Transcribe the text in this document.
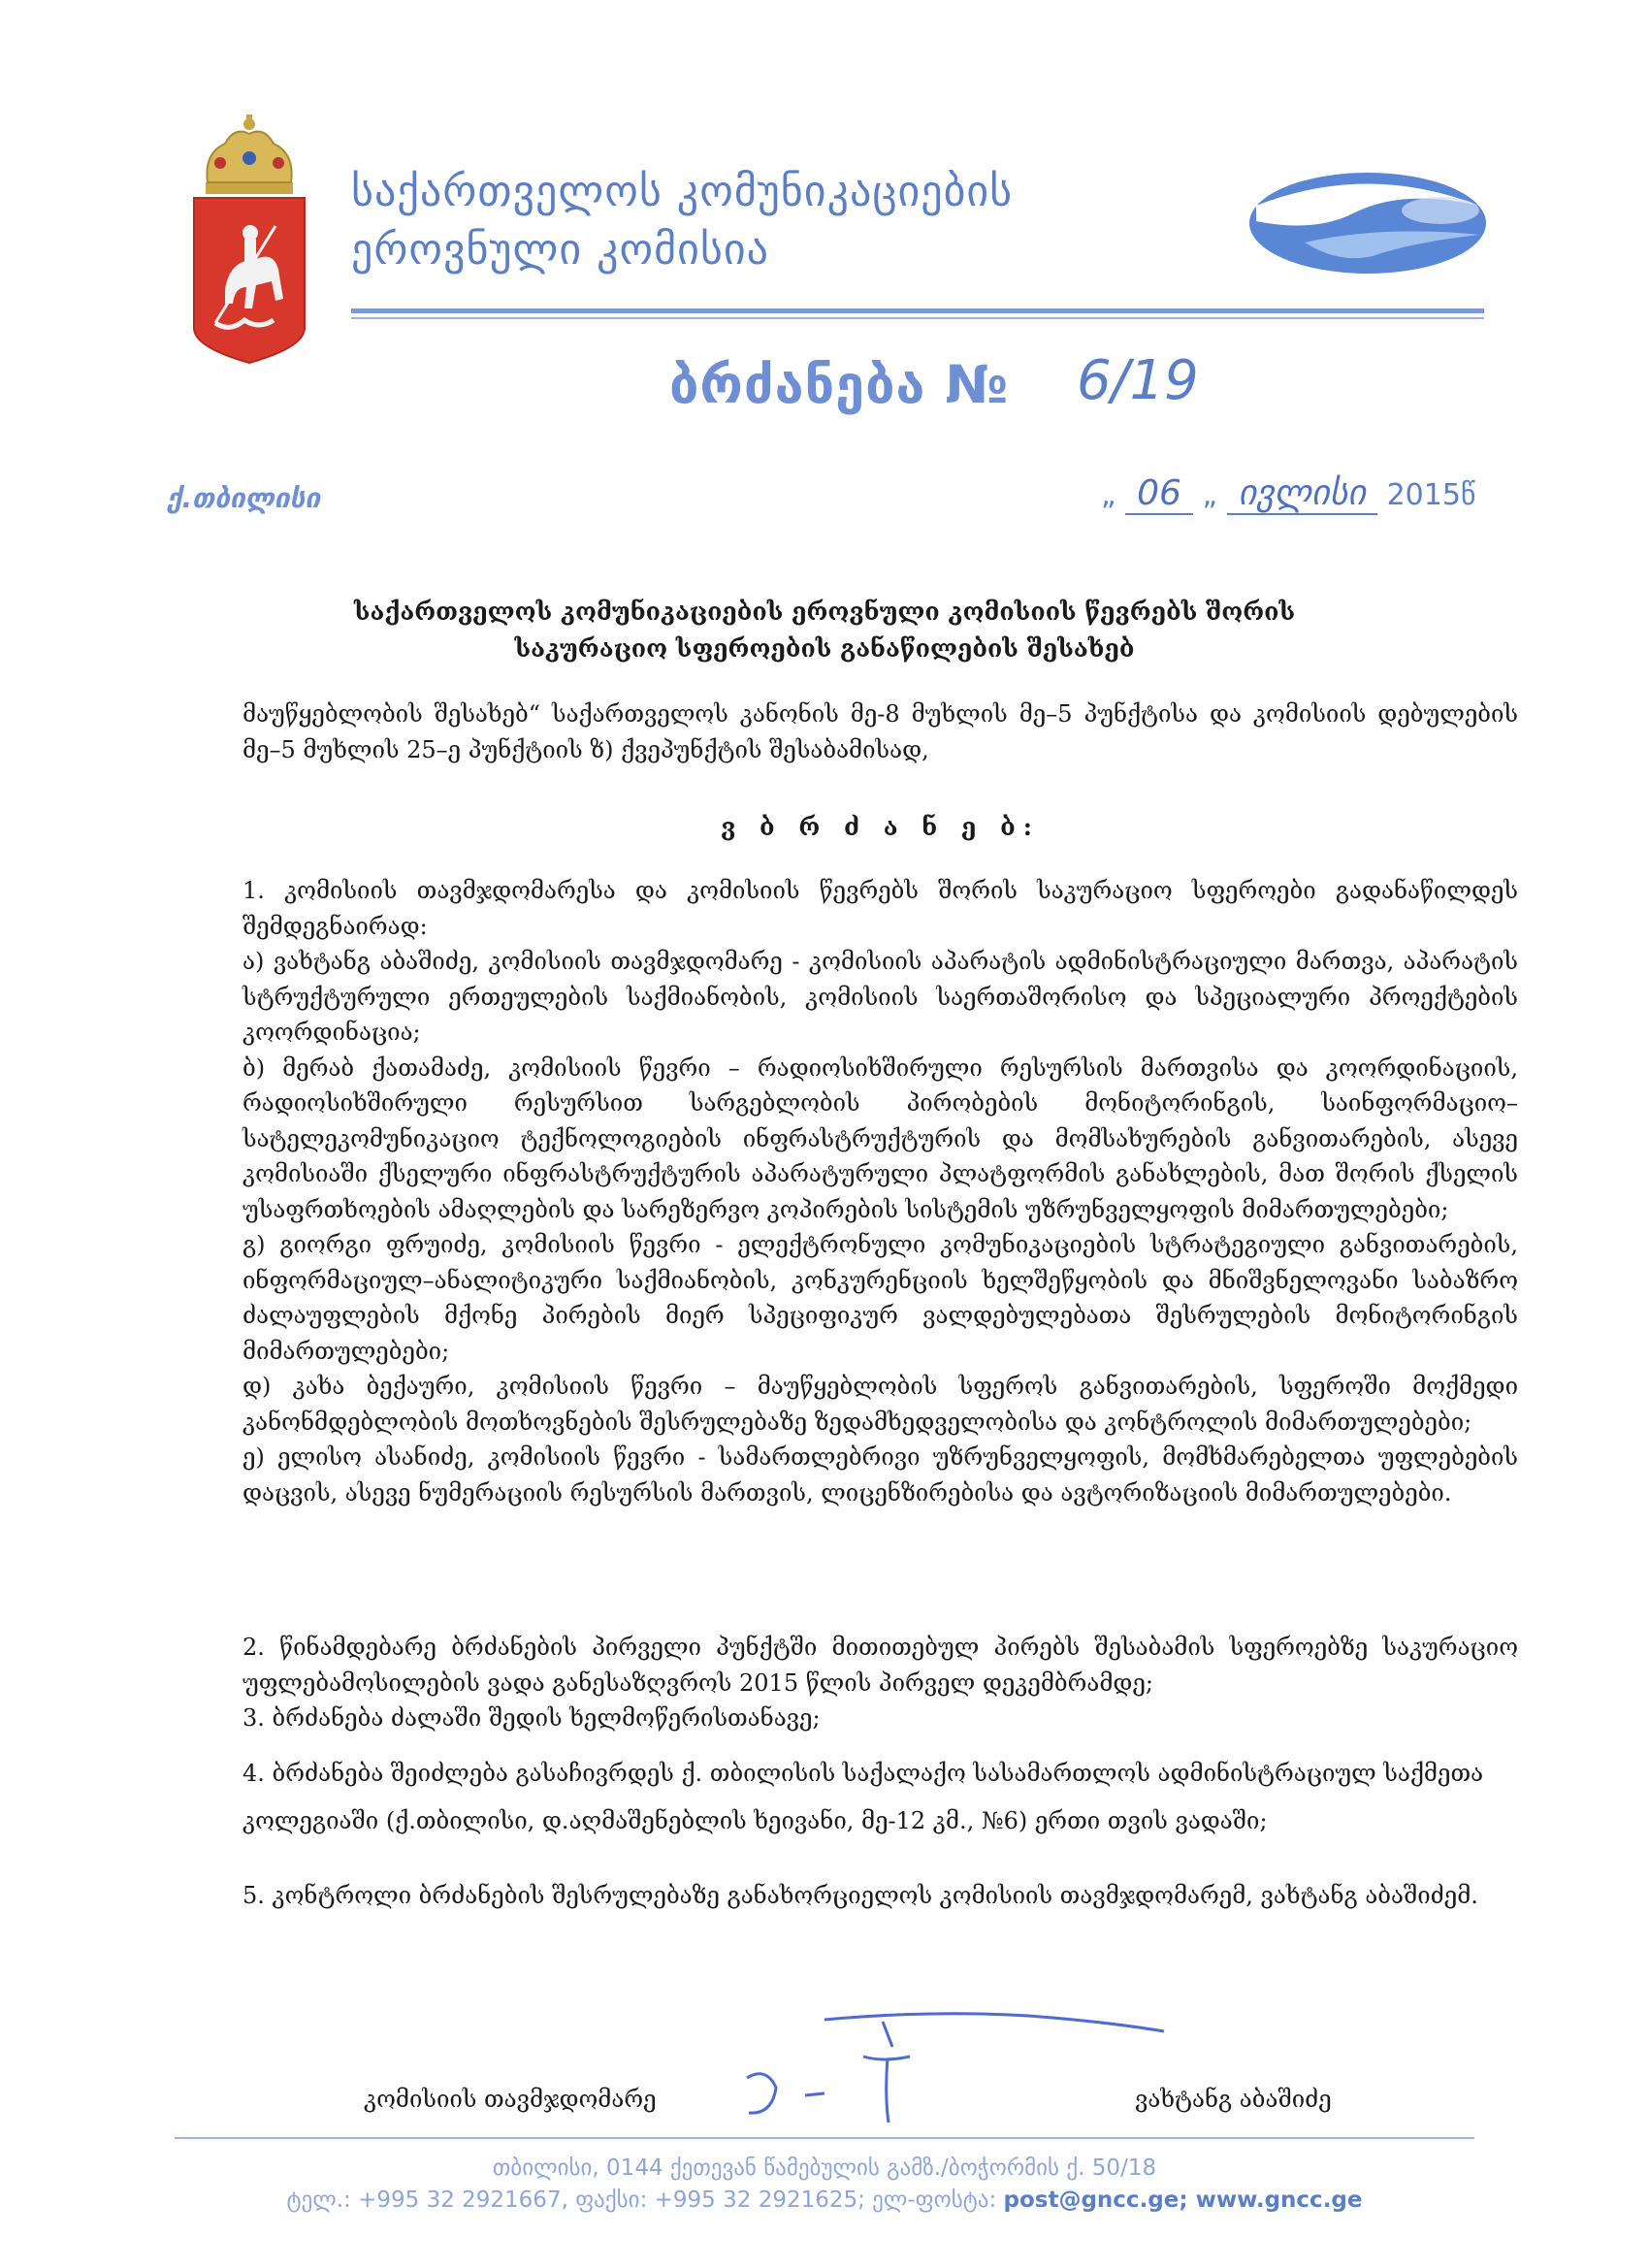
საქართველოს კომუნიკაციების
ეროვნული კომისია
ბრძანება № 6/19
ქ.თბილისი	„ 06 „ ივლისი 2015წ
საქართველოს კომუნიკაციების ეროვნული კომისიის წევრებს შორის
საკურაციო სფეროების განაწილების შესახებ
მაუწყებლობის შესახებ“ საქართველოს კანონის მე-8 მუხლის მე–5 პუნქტისა და კომისიის დებულების მე–5 მუხლის 25–ე პუნქტიის ზ) ქვეპუნქტის შესაბამისად,
ვ ბ რ ძ ა ნ ე ბ:
1. კომისიის თავმჯდომარესა და კომისიის წევრებს შორის საკურაციო სფეროები გადანაწილდეს შემდეგნაირად:
ა) ვახტანგ აბაშიძე, კომისიის თავმჯდომარე - კომისიის აპარატის ადმინისტრაციული მართვა, აპარატის სტრუქტურული ერთეულების საქმიანობის, კომისიის საერთაშორისო და სპეციალური პროექტების კოორდინაცია;
ბ) მერაბ ქათამაძე, კომისიის წევრი – რადიოსიხშირული რესურსის მართვისა და კოორდინაციის, რადიოსიხშირული რესურსით სარგებლობის პირობების მონიტორინგის, საინფორმაციო–სატელეკომუნიკაციო ტექნოლოგიების ინფრასტრუქტურის და მომსახურების განვითარების, ასევე კომისიაში ქსელური ინფრასტრუქტურის აპარატურული პლატფორმის განახლების, მათ შორის ქსელის უსაფრთხოების ამაღლების და სარეზერვო კოპირების სისტემის უზრუნველყოფის მიმართულებები;
გ) გიორგი ფრუიძე, კომისიის წევრი - ელექტრონული კომუნიკაციების სტრატეგიული განვითარების, ინფორმაციულ–ანალიტიკური საქმიანობის, კონკურენციის ხელშეწყობის და მნიშვნელოვანი საბაზრო ძალაუფლების მქონე პირების მიერ სპეციფიკურ ვალდებულებათა შესრულების მონიტორინგის მიმართულებები;
დ) კახა ბექაური, კომისიის წევრი – მაუწყებლობის სფეროს განვითარების, სფეროში მოქმედი კანონმდებლობის მოთხოვნების შესრულებაზე ზედამხედველობისა და კონტროლის მიმართულებები;
ე) ელისო ასანიძე, კომისიის წევრი - სამართლებრივი უზრუნველყოფის, მომხმარებელთა უფლებების დაცვის, ასევე ნუმერაციის რესურსის მართვის, ლიცენზირებისა და ავტორიზაციის მიმართულებები.
2. წინამდებარე ბრძანების პირველი პუნქტში მითითებულ პირებს შესაბამის სფეროებზე საკურაციო უფლებამოსილების ვადა განესაზღვროს 2015 წლის პირველ დეკემბრამდე;
3. ბრძანება ძალაში შედის ხელმოწერისთანავე;
4. ბრძანება შეიძლება გასაჩივრდეს ქ. თბილისის საქალაქო სასამართლოს ადმინისტრაციულ საქმეთა
კოლეგიაში (ქ.თბილისი, დ.აღმაშენებლის ხეივანი, მე-12 კმ., №6) ერთი თვის ვადაში;
5. კონტროლი ბრძანების შესრულებაზე განახორციელოს კომისიის თავმჯდომარემ, ვახტანგ აბაშიძემ.
კომისიის თავმჯდომარე	ვახტანგ აბაშიძე
თბილისი, 0144 ქეთევან წამებულის გამზ./ბოჭორმის ქ. 50/18
ტელ.: +995 32 2921667, ფაქსი: +995 32 2921625; ელ-ფოსტა: post@gncc.ge; www.gncc.ge
